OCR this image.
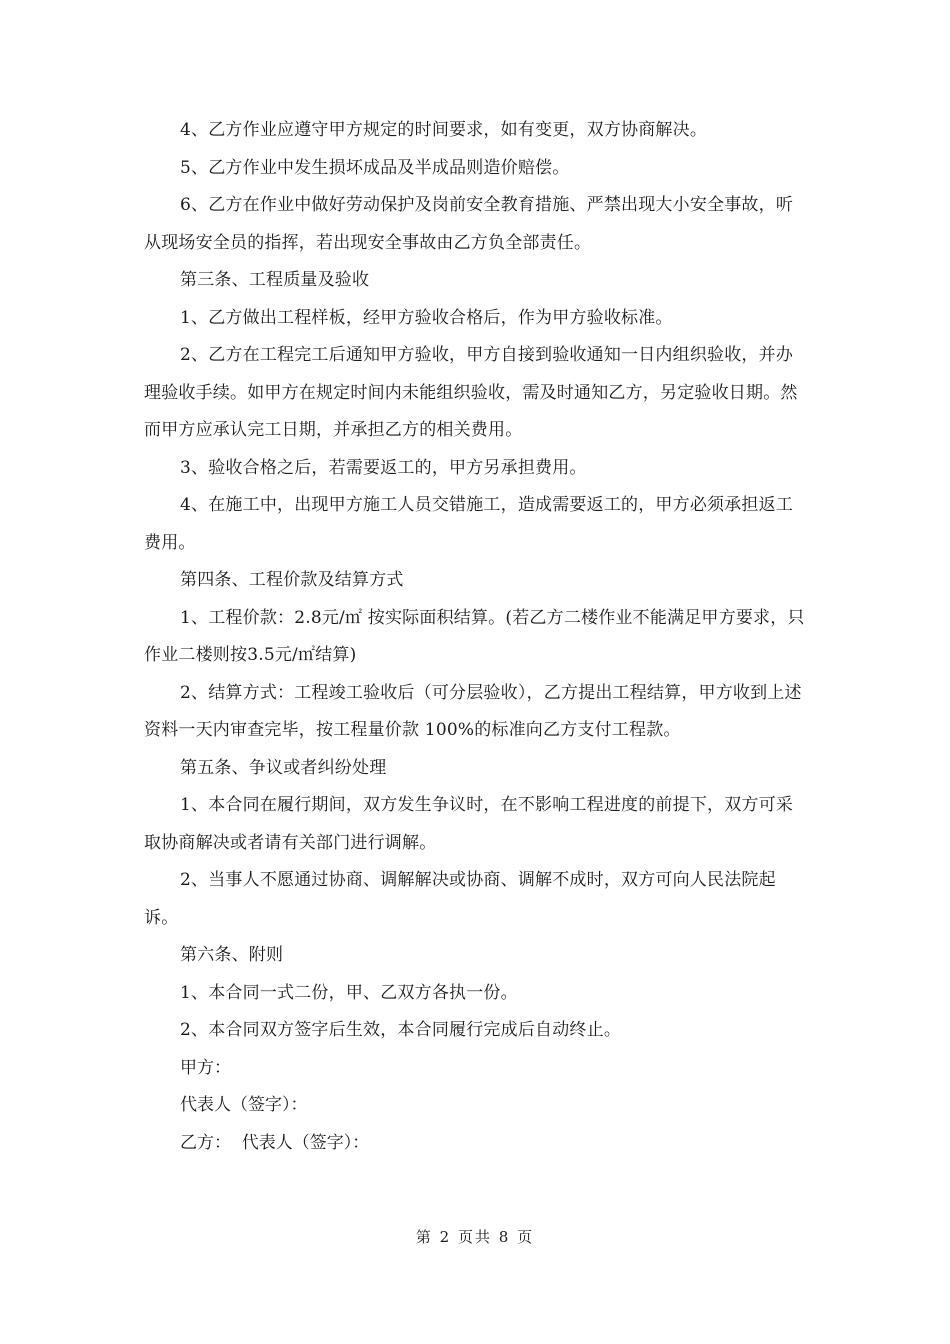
4、乙方作业应遵守甲方规定的时间要求，如有变更，双方协商解决。

5、乙方作业中发生损坏成品及半成品则造价赔偿。

6、乙方在作业中做好劳动保护及岗前安全教育措施、严禁出现大小安全事故，听从现场安全员的指挥，若出现安全事故由乙方负全部责任。

第三条、工程质量及验收

1、乙方做出工程样板，经甲方验收合格后，作为甲方验收标准。

2、乙方在工程完工后通知甲方验收，甲方自接到验收通知一日内组织验收，并办理验收手续。如甲方在规定时间内未能组织验收，需及时通知乙方，另定验收日期。然而甲方应承认完工日期，并承担乙方的相关费用。

3、验收合格之后，若需要返工的，甲方另承担费用。

4、在施工中，出现甲方施工人员交错施工，造成需要返工的，甲方必须承担返工费用。

第四条、工程价款及结算方式

1、工程价款：2.8元/㎡ 按实际面积结算。(若乙方二楼作业不能满足甲方要求，只作业二楼则按3.5元/㎡结算)

2、结算方式：工程竣工验收后（可分层验收），乙方提出工程结算，甲方收到上述资料一天内审查完毕，按工程量价款 100%的标准向乙方支付工程款。

第五条、争议或者纠纷处理

1、本合同在履行期间，双方发生争议时，在不影响工程进度的前提下，双方可采取协商解决或者请有关部门进行调解。

2、当事人不愿通过协商、调解解决或协商、调解不成时，双方可向人民法院起诉。

第六条、附则

1、本合同一式二份，甲、乙双方各执一份。

2、本合同双方签字后生效，本合同履行完成后自动终止。

甲方：

代表人（签字）：

乙方：  代表人（签字）：

第 2 页共 8 页
